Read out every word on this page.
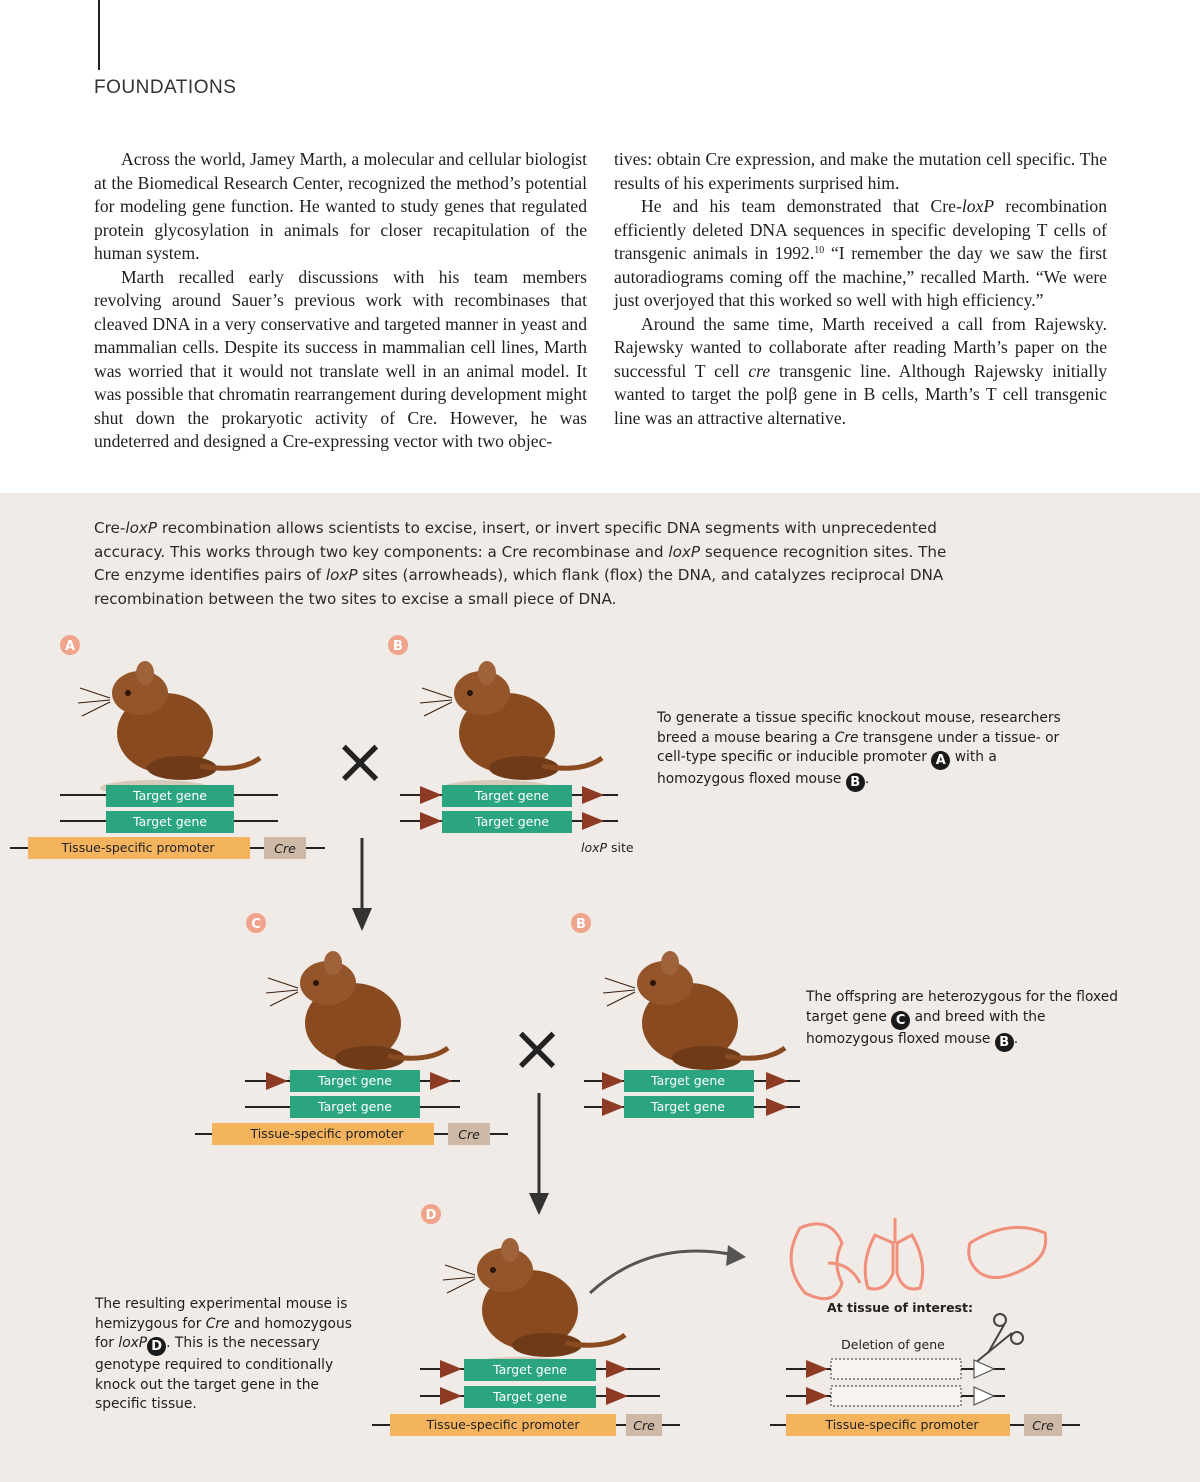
FOUNDATIONS

Across the world, Jamey Marth, a molecular and cellular biologist at the Biomedical Research Center, recognized the method’s potential for modeling gene function. He wanted to study genes that regulated protein glycosylation in animals for closer recapitulation of the human system.

Marth recalled early discussions with his team members revolving around Sauer’s previous work with recombinases that cleaved DNA in a very conservative and targeted manner in yeast and mammalian cells. Despite its success in mammalian cell lines, Marth was worried that it would not translate well in an animal model. It was possible that chromatin rearrangement during development might shut down the prokaryotic activity of Cre. However, he was undeterred and designed a Cre-expressing vector with two objec-

tives: obtain Cre expression, and make the mutation cell specific. The results of his experiments surprised him.

He and his team demonstrated that Cre-loxP recombination efficiently deleted DNA sequences in specific developing T cells of transgenic animals in 1992.10 “I remember the day we saw the first autoradiograms coming off the machine,” recalled Marth. “We were just overjoyed that this worked so well with high efficiency.”

Around the same time, Marth received a call from Rajewsky. Rajewsky wanted to collaborate after reading Marth’s paper on the successful T cell cre transgenic line. Although Rajewsky initially wanted to target the polβ gene in B cells, Marth’s T cell transgenic line was an attractive alternative.

Cre-loxP recombination allows scientists to excise, insert, or invert specific DNA segments with unprecedented accuracy. This works through two key components: a Cre recombinase and loxP sequence recognition sites. The Cre enzyme identifies pairs of loxP sites (arrowheads), which flank (flox) the DNA, and catalyzes reciprocal DNA recombination between the two sites to excise a small piece of DNA.
A	B
×
Target gene
Target gene
Tissue-specific promoter	Cre
Target gene
Target gene
loxP site
C	B
×
Target gene
Target gene
Tissue-specific promoter	Cre
Target gene
Target gene
D
Target gene
Target gene
Tissue-specific promoter	Cre
At tissue of interest:
Deletion of gene
Tissue-specific promoter	Cre
To generate a tissue specific knockout mouse, researchers breed a mouse bearing a Cre transgene under a tissue- or cell-type specific or inducible promoter A with a homozygous floxed mouse B .
The offspring are heterozygous for the floxed target gene C and breed with the homozygous floxed mouse B .
The resulting experimental mouse is hemizygous for Cre and homozygous for loxP D . This is the necessary genotype required to conditionally knock out the target gene in the specific tissue.
